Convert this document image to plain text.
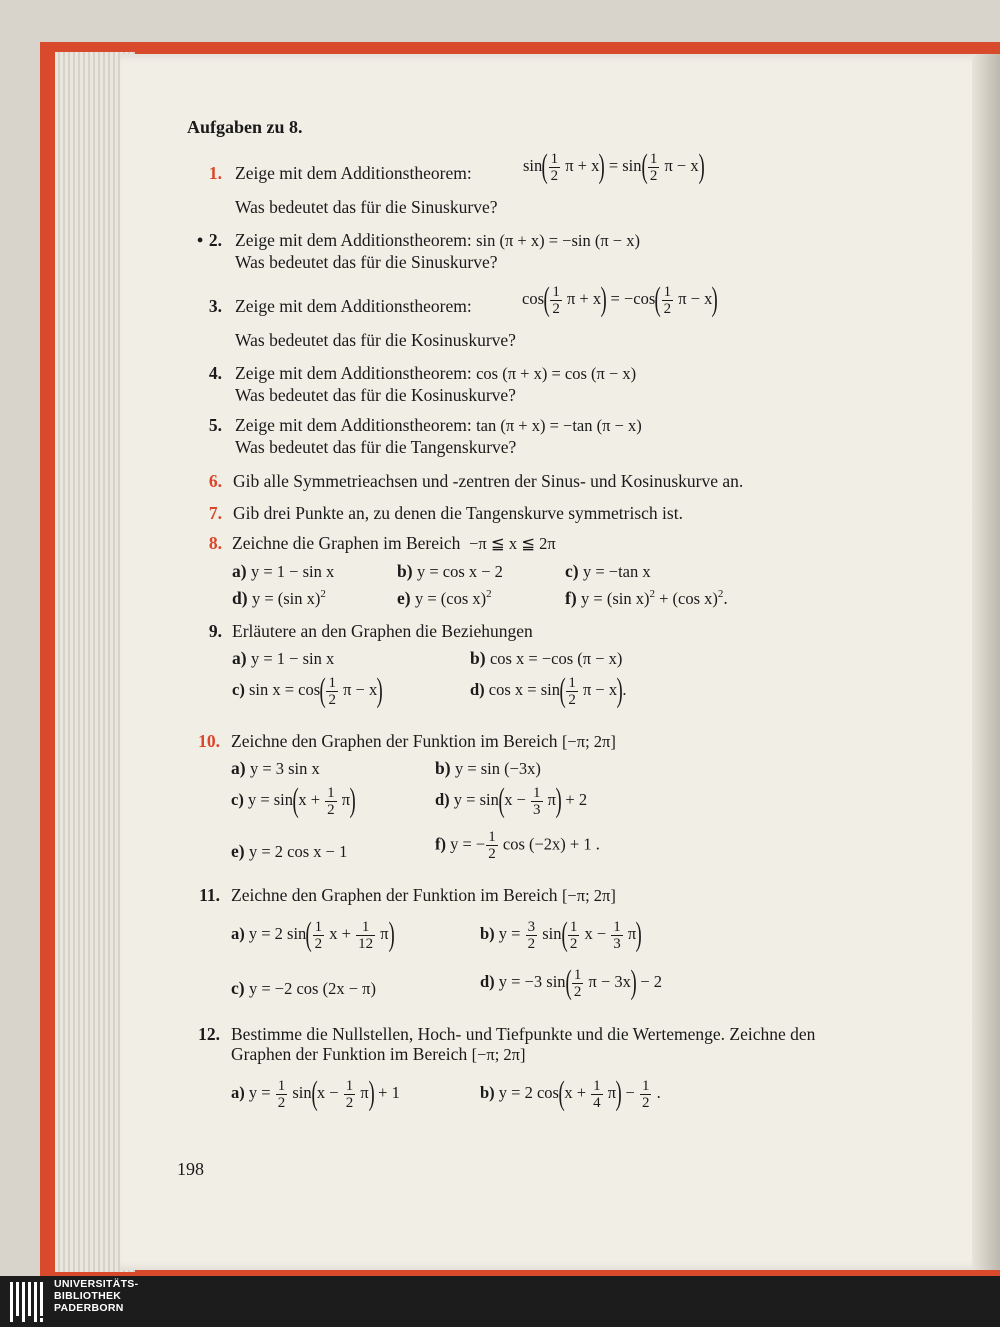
Aufgaben zu 8.
1. Zeige mit dem Additionstheorem:	$\sin( \frac{1}{2}$ $\pi + x) = \sin( \frac{1}{2}$ π − x)
Was bedeutet das für die Sinuskurve?
• 2. Zeige mit dem Additionstheorem: sin (π + x) = −sin (π − x)
Was bedeutet das für die Sinuskurve?
3. Zeige mit dem Additionstheorem:	$\cos( \frac{1}{2}$ $\pi + x) = -\cos( \frac{1}{2}$ π − x)
Was bedeutet das für die Kosinuskurve?
4. Zeige mit dem Additionstheorem: cos (π + x) = cos (π − x)
Was bedeutet das für die Kosinuskurve?
5. Zeige mit dem Additionstheorem: tan (π + x) = −tan (π − x)
Was bedeutet das für die Tangenskurve?
6. Gib alle Symmetrieachsen und -zentren der Sinus- und Kosinuskurve an.
7. Gib drei Punkte an, zu denen die Tangenskurve symmetrisch ist.
8. Zeichne die Graphen im Bereich −π ≦ x ≦ 2π
a) y = 1 − sin x	b) y = cos x − 2	c) y = −tan x
d) y = (sin x)$^2$	e) y = (cos x)$^2$	f) y = (sin x)$^2$ + (cos x)$^2$.
9. Erläutere an den Graphen die Beziehungen
a) y = 1 − sin x	b) cos x = −cos (π − x)
c) $\sin x = \cos( \frac{1}{2}$ π − x)	d) $\cos x = \sin( \frac{1}{2}$ π − x).
10. Zeichne den Graphen der Funktion im Bereich [−π; 2π]
a) y = 3 sin x	b) y = sin (−3x)
c) $y = \sin(x + \frac{1}{2} \pi)$	d) $y = \sin(x - \frac{1}{3} \pi) + 2$
e) y = 2 cos x − 1	f) y = − $\frac{1}{2}$ cos (−2x) + 1 .
11. Zeichne den Graphen der Funktion im Bereich [−π; 2π]
a) y = 2 $\sin( \frac{1}{2}$ $x + \frac{1}{12} \pi$)	b) $y = \frac{3}{2} \sin( \frac{1}{2}$ $x - \frac{1}{3} \pi$)
c) y = −2 cos (2x − π)	d) y = −3 $\sin( \frac{1}{2}$ π − 3x) − 2
12. Bestimme die Nullstellen, Hoch- und Tiefpunkte und die Wertemenge. Zeichne den
Graphen der Funktion im Bereich [−π; 2π]
a) $y = \frac{1}{2} \sin(x - \frac{1}{2} \pi) + 1$	b) y = 2 $\cos(x + \frac{1}{4} \pi) - \frac{1}{2}$ .
198
UNIVERSITÄTS-
BIBLIOTHEK
PADERBORN
